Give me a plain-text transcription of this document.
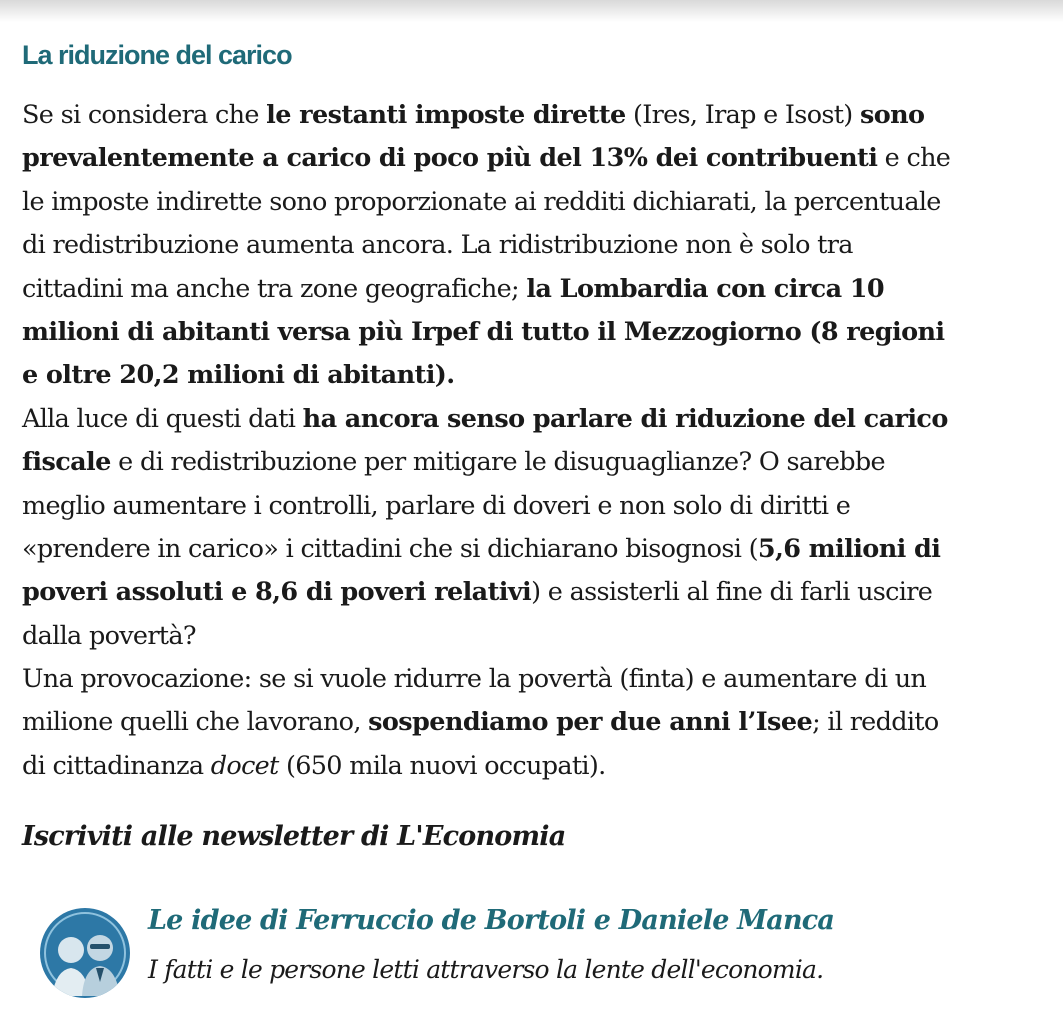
La riduzione del carico
Se si considera che le restanti imposte dirette (Ires, Irap e Isost) sono
prevalentemente a carico di poco più del 13% dei contribuenti e che
le imposte indirette sono proporzionate ai redditi dichiarati, la percentuale
di redistribuzione aumenta ancora. La ridistribuzione non è solo tra
cittadini ma anche tra zone geografiche; la Lombardia con circa 10
milioni di abitanti versa più Irpef di tutto il Mezzogiorno (8 regioni
e oltre 20,2 milioni di abitanti).
Alla luce di questi dati ha ancora senso parlare di riduzione del carico
fiscale e di redistribuzione per mitigare le disuguaglianze? O sarebbe
meglio aumentare i controlli, parlare di doveri e non solo di diritti e
«prendere in carico» i cittadini che si dichiarano bisognosi (5,6 milioni di
poveri assoluti e 8,6 di poveri relativi) e assisterli al fine di farli uscire
dalla povertà?
Una provocazione: se si vuole ridurre la povertà (finta) e aumentare di un
milione quelli che lavorano, sospendiamo per due anni l’Isee; il reddito
di cittadinanza docet (650 mila nuovi occupati).
Iscriviti alle newsletter di L'Economia
Le idee di Ferruccio de Bortoli e Daniele Manca
I fatti e le persone letti attraverso la lente dell'economia.
